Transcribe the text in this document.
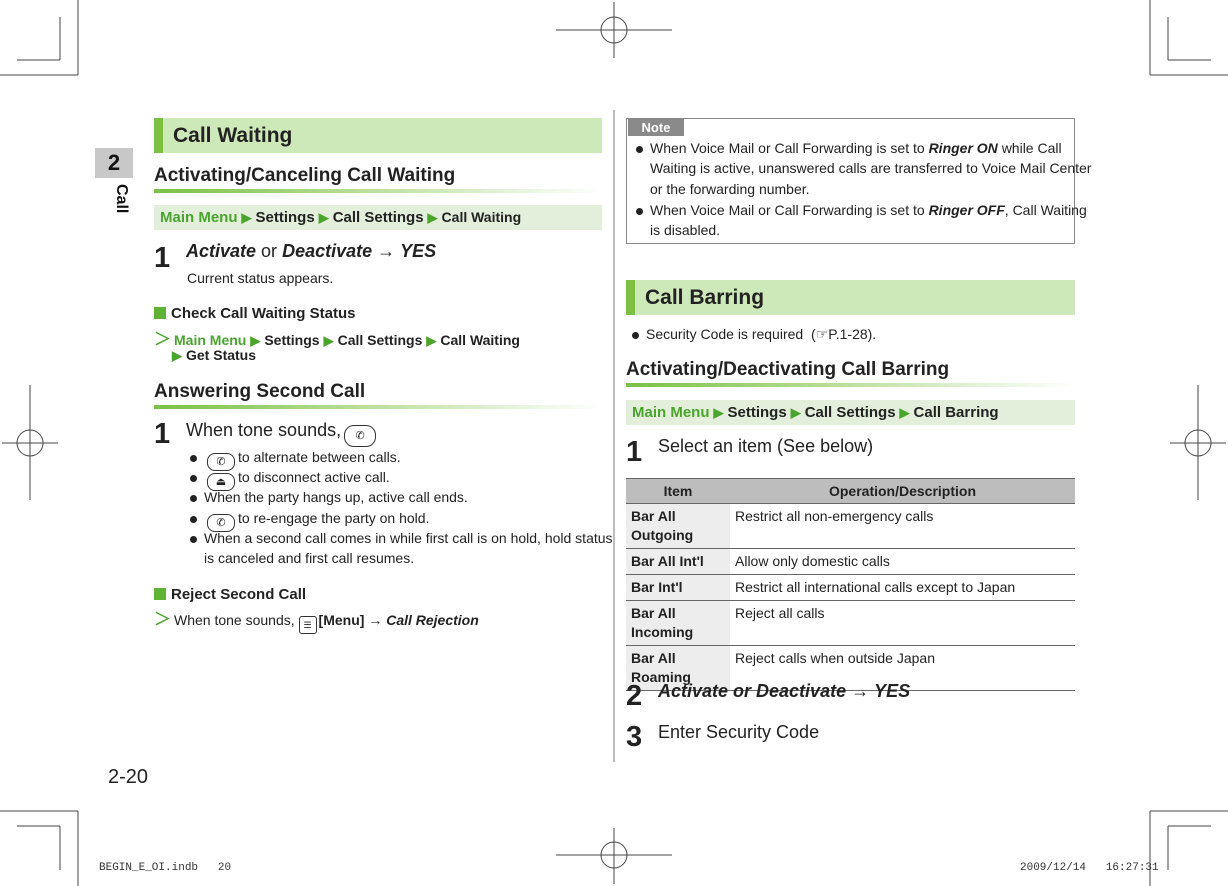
2
Call
2-20
Call Waiting
Activating/Canceling Call Waiting
Main Menu ▶ Settings ▶ Call Settings ▶ Call Waiting
1 Activate or Deactivate → YES
Current status appears.
Check Call Waiting Status
＞ Main Menu ▶ Settings ▶ Call Settings ▶ Call Waiting
▶ Get Status
Answering Second Call
1 When tone sounds, ✆
✆ to alternate between calls.
⏏ to disconnect active call.
When the party hangs up, active call ends.
✆ to re-engage the party on hold.
When a second call comes in while first call is on hold, hold status
is canceled and first call resumes.
Reject Second Call
＞ When tone sounds, ☰ [Menu] → Call Rejection
Note
When Voice Mail or Call Forwarding is set to Ringer ON while Call
Waiting is active, unanswered calls are transferred to Voice Mail Center
or the forwarding number.
When Voice Mail or Call Forwarding is set to Ringer OFF, Call Waiting
is disabled.
Call Barring
Security Code is required (☞P.1-28).
Activating/Deactivating Call Barring
Main Menu ▶ Settings ▶ Call Settings ▶ Call Barring
1 Select an item (See below)
Item	Operation/Description
Bar All
Outgoing	Restrict all non-emergency calls
Bar All Int'l	Allow only domestic calls
Bar Int'l	Restrict all international calls except to Japan
Bar All
Incoming	Reject all calls
Bar All
Roaming	Reject calls when outside Japan
2 Activate or Deactivate → YES
3 Enter Security Code
BEGIN_E_OI.indb 20	2009/12/14 16:27:31
